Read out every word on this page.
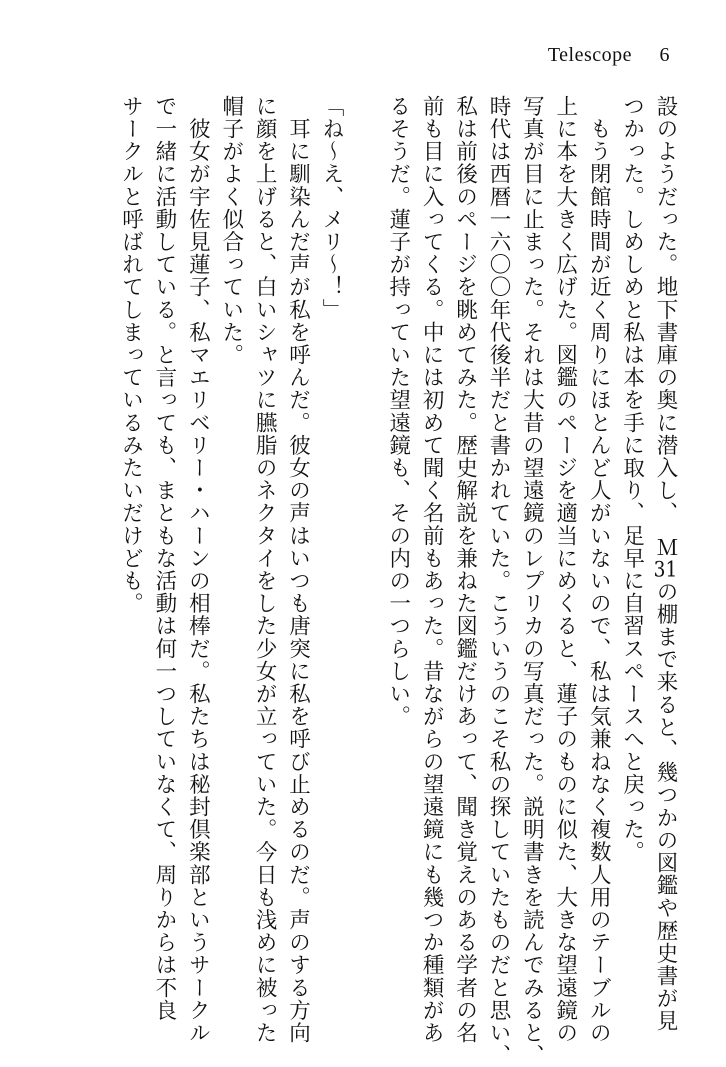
Telescope 6
設のようだった。地下書庫の奥に潜入し、　Ｍ31の棚まで来ると、幾つかの図鑑や歴史書が見
つかった。しめしめと私は本を手に取り、足早に自習スペースへと戻った。
　もう閉館時間が近く周りにほとんど人がいないので、私は気兼ねなく複数人用のテーブルの
上に本を大きく広げた。図鑑のページを適当にめくると、蓮子のものに似た、大きな望遠鏡の
写真が目に止まった。それは大昔の望遠鏡のレプリカの写真だった。説明書きを読んでみると、
時代は西暦一六〇〇年代後半だと書かれていた。こういうのこそ私の探していたものだと思い、
私は前後のページを眺めてみた。歴史解説を兼ねた図鑑だけあって、聞き覚えのある学者の名
前も目に入ってくる。中には初めて聞く名前もあった。昔ながらの望遠鏡にも幾つか種類があ
るそうだ。蓮子が持っていた望遠鏡も、その内の一つらしい。

「ね〜え、メリ〜！」
　耳に馴染んだ声が私を呼んだ。彼女の声はいつも唐突に私を呼び止めるのだ。声のする方向
に顔を上げると、白いシャツに臙脂のネクタイをした少女が立っていた。今日も浅めに被った
帽子がよく似合っていた。
　彼女が宇佐見蓮子、私マエリベリー・ハーンの相棒だ。私たちは秘封倶楽部というサークル
で一緒に活動している。と言っても、まともな活動は何一つしていなくて、周りからは不良
サークルと呼ばれてしまっているみたいだけども。
